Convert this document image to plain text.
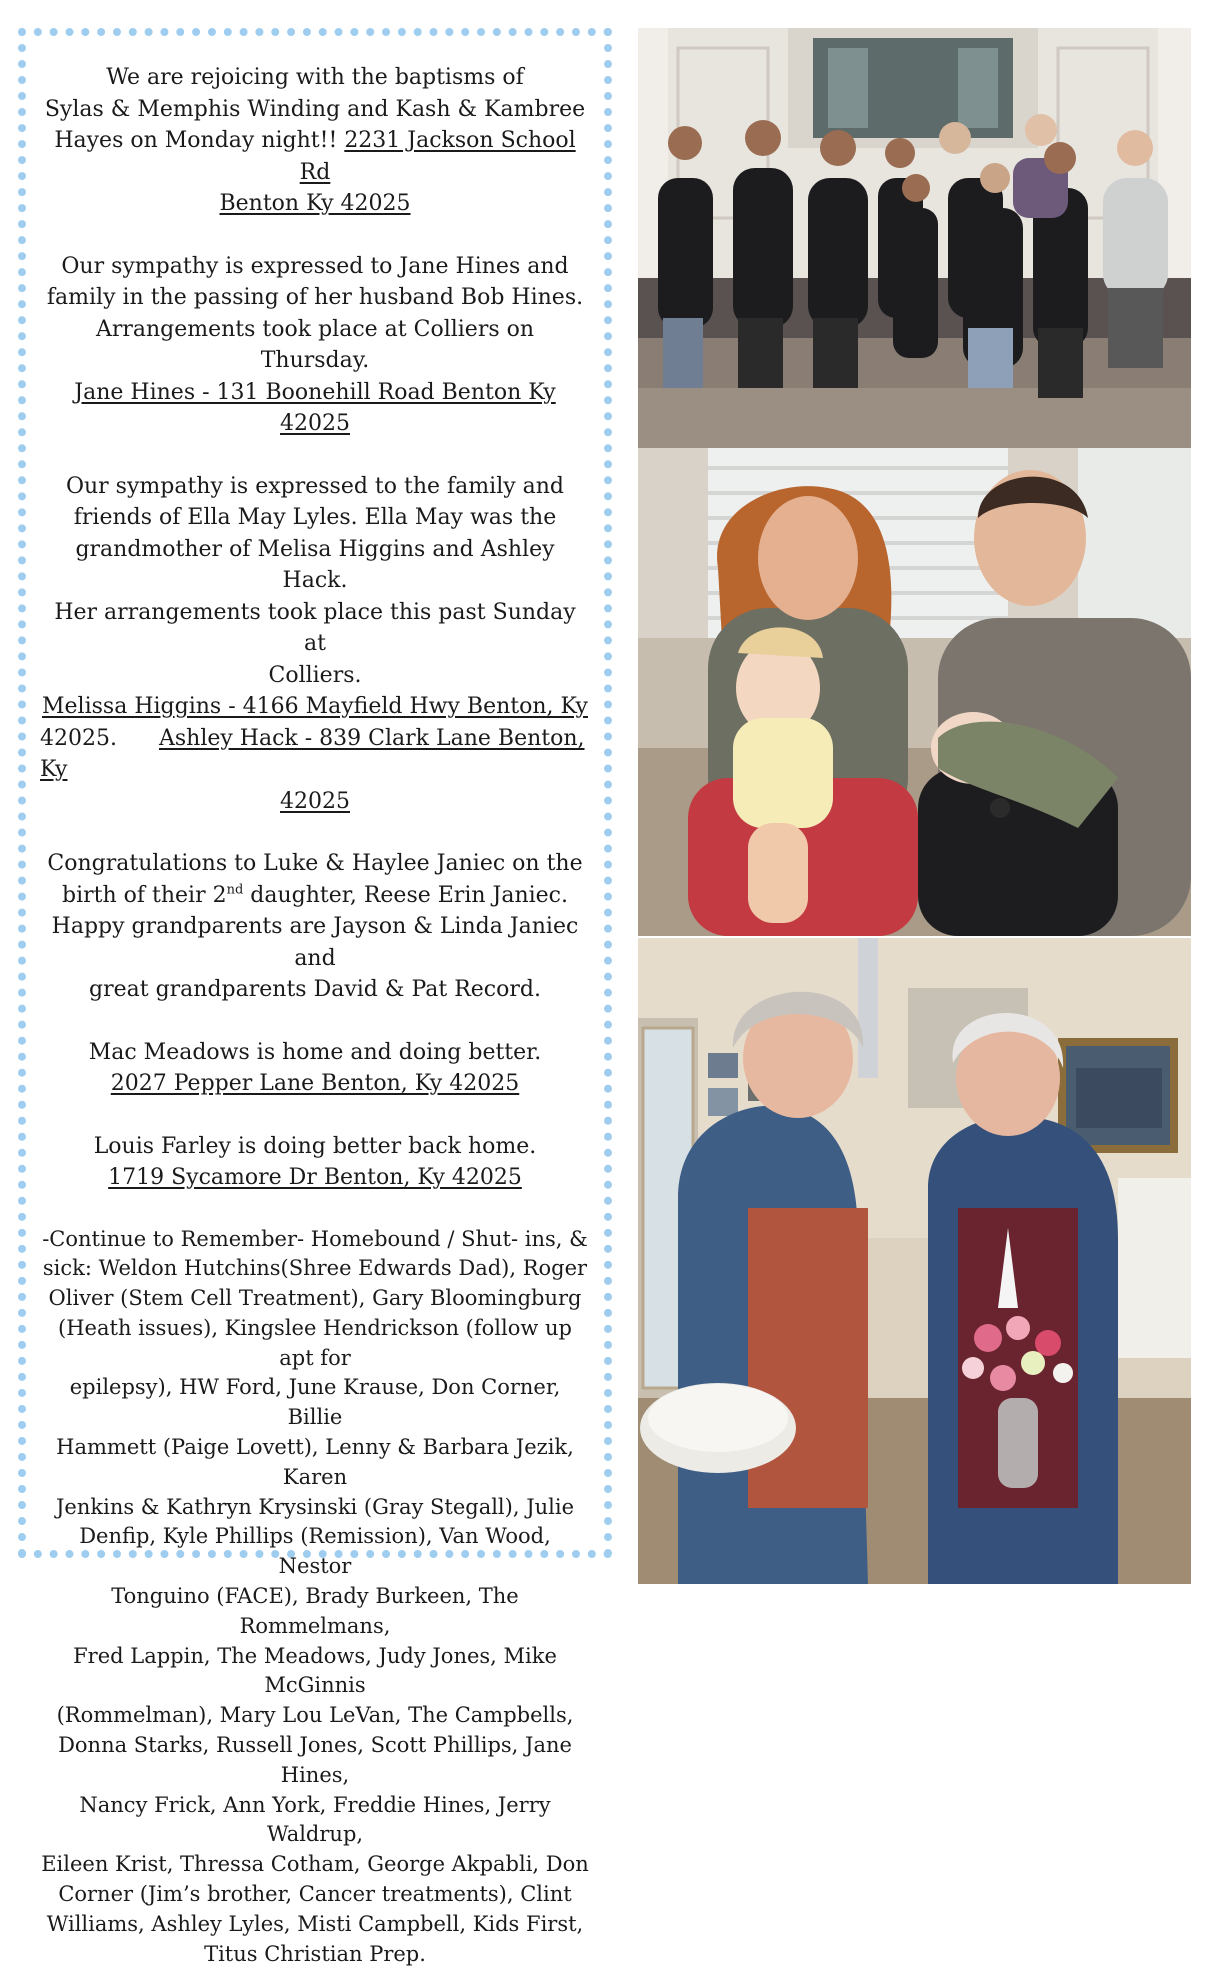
We are rejoicing with the baptisms of
Sylas & Memphis Winding and Kash & Kambree
Hayes on Monday night!! 2231 Jackson School Rd
Benton Ky 42025

Our sympathy is expressed to Jane Hines and
family in the passing of her husband Bob Hines.
Arrangements took place at Colliers on Thursday.
Jane Hines - 131 Boonehill Road Benton Ky 42025

Our sympathy is expressed to the family and
friends of Ella May Lyles. Ella May was the
grandmother of Melisa Higgins and Ashley Hack.
Her arrangements took place this past Sunday at
Colliers.
Melissa Higgins - 4166 Mayfield Hwy Benton, Ky
42025. Ashley Hack - 839 Clark Lane Benton, Ky
42025

Congratulations to Luke & Haylee Janiec on the
birth of their 2nd daughter, Reese Erin Janiec.
Happy grandparents are Jayson & Linda Janiec and
great grandparents David & Pat Record.

Mac Meadows is home and doing better.
2027 Pepper Lane Benton, Ky 42025

Louis Farley is doing better back home.
1719 Sycamore Dr Benton, Ky 42025

-Continue to Remember- Homebound / Shut- ins, &
sick: Weldon Hutchins(Shree Edwards Dad), Roger
Oliver (Stem Cell Treatment), Gary Bloomingburg
(Heath issues), Kingslee Hendrickson (follow up apt for
epilepsy), HW Ford, June Krause, Don Corner, Billie
Hammett (Paige Lovett), Lenny & Barbara Jezik, Karen
Jenkins & Kathryn Krysinski (Gray Stegall), Julie
Denfip, Kyle Phillips (Remission), Van Wood, Nestor
Tonguino (FACE), Brady Burkeen, The Rommelmans,
Fred Lappin, The Meadows, Judy Jones, Mike McGinnis
(Rommelman), Mary Lou LeVan, The Campbells,
Donna Starks, Russell Jones, Scott Phillips, Jane Hines,
Nancy Frick, Ann York, Freddie Hines, Jerry Waldrup,
Eileen Krist, Thressa Cotham, George Akpabli, Don
Corner (Jim’s brother, Cancer treatments), Clint
Williams, Ashley Lyles, Misti Campbell, Kids First,
Titus Christian Prep.
